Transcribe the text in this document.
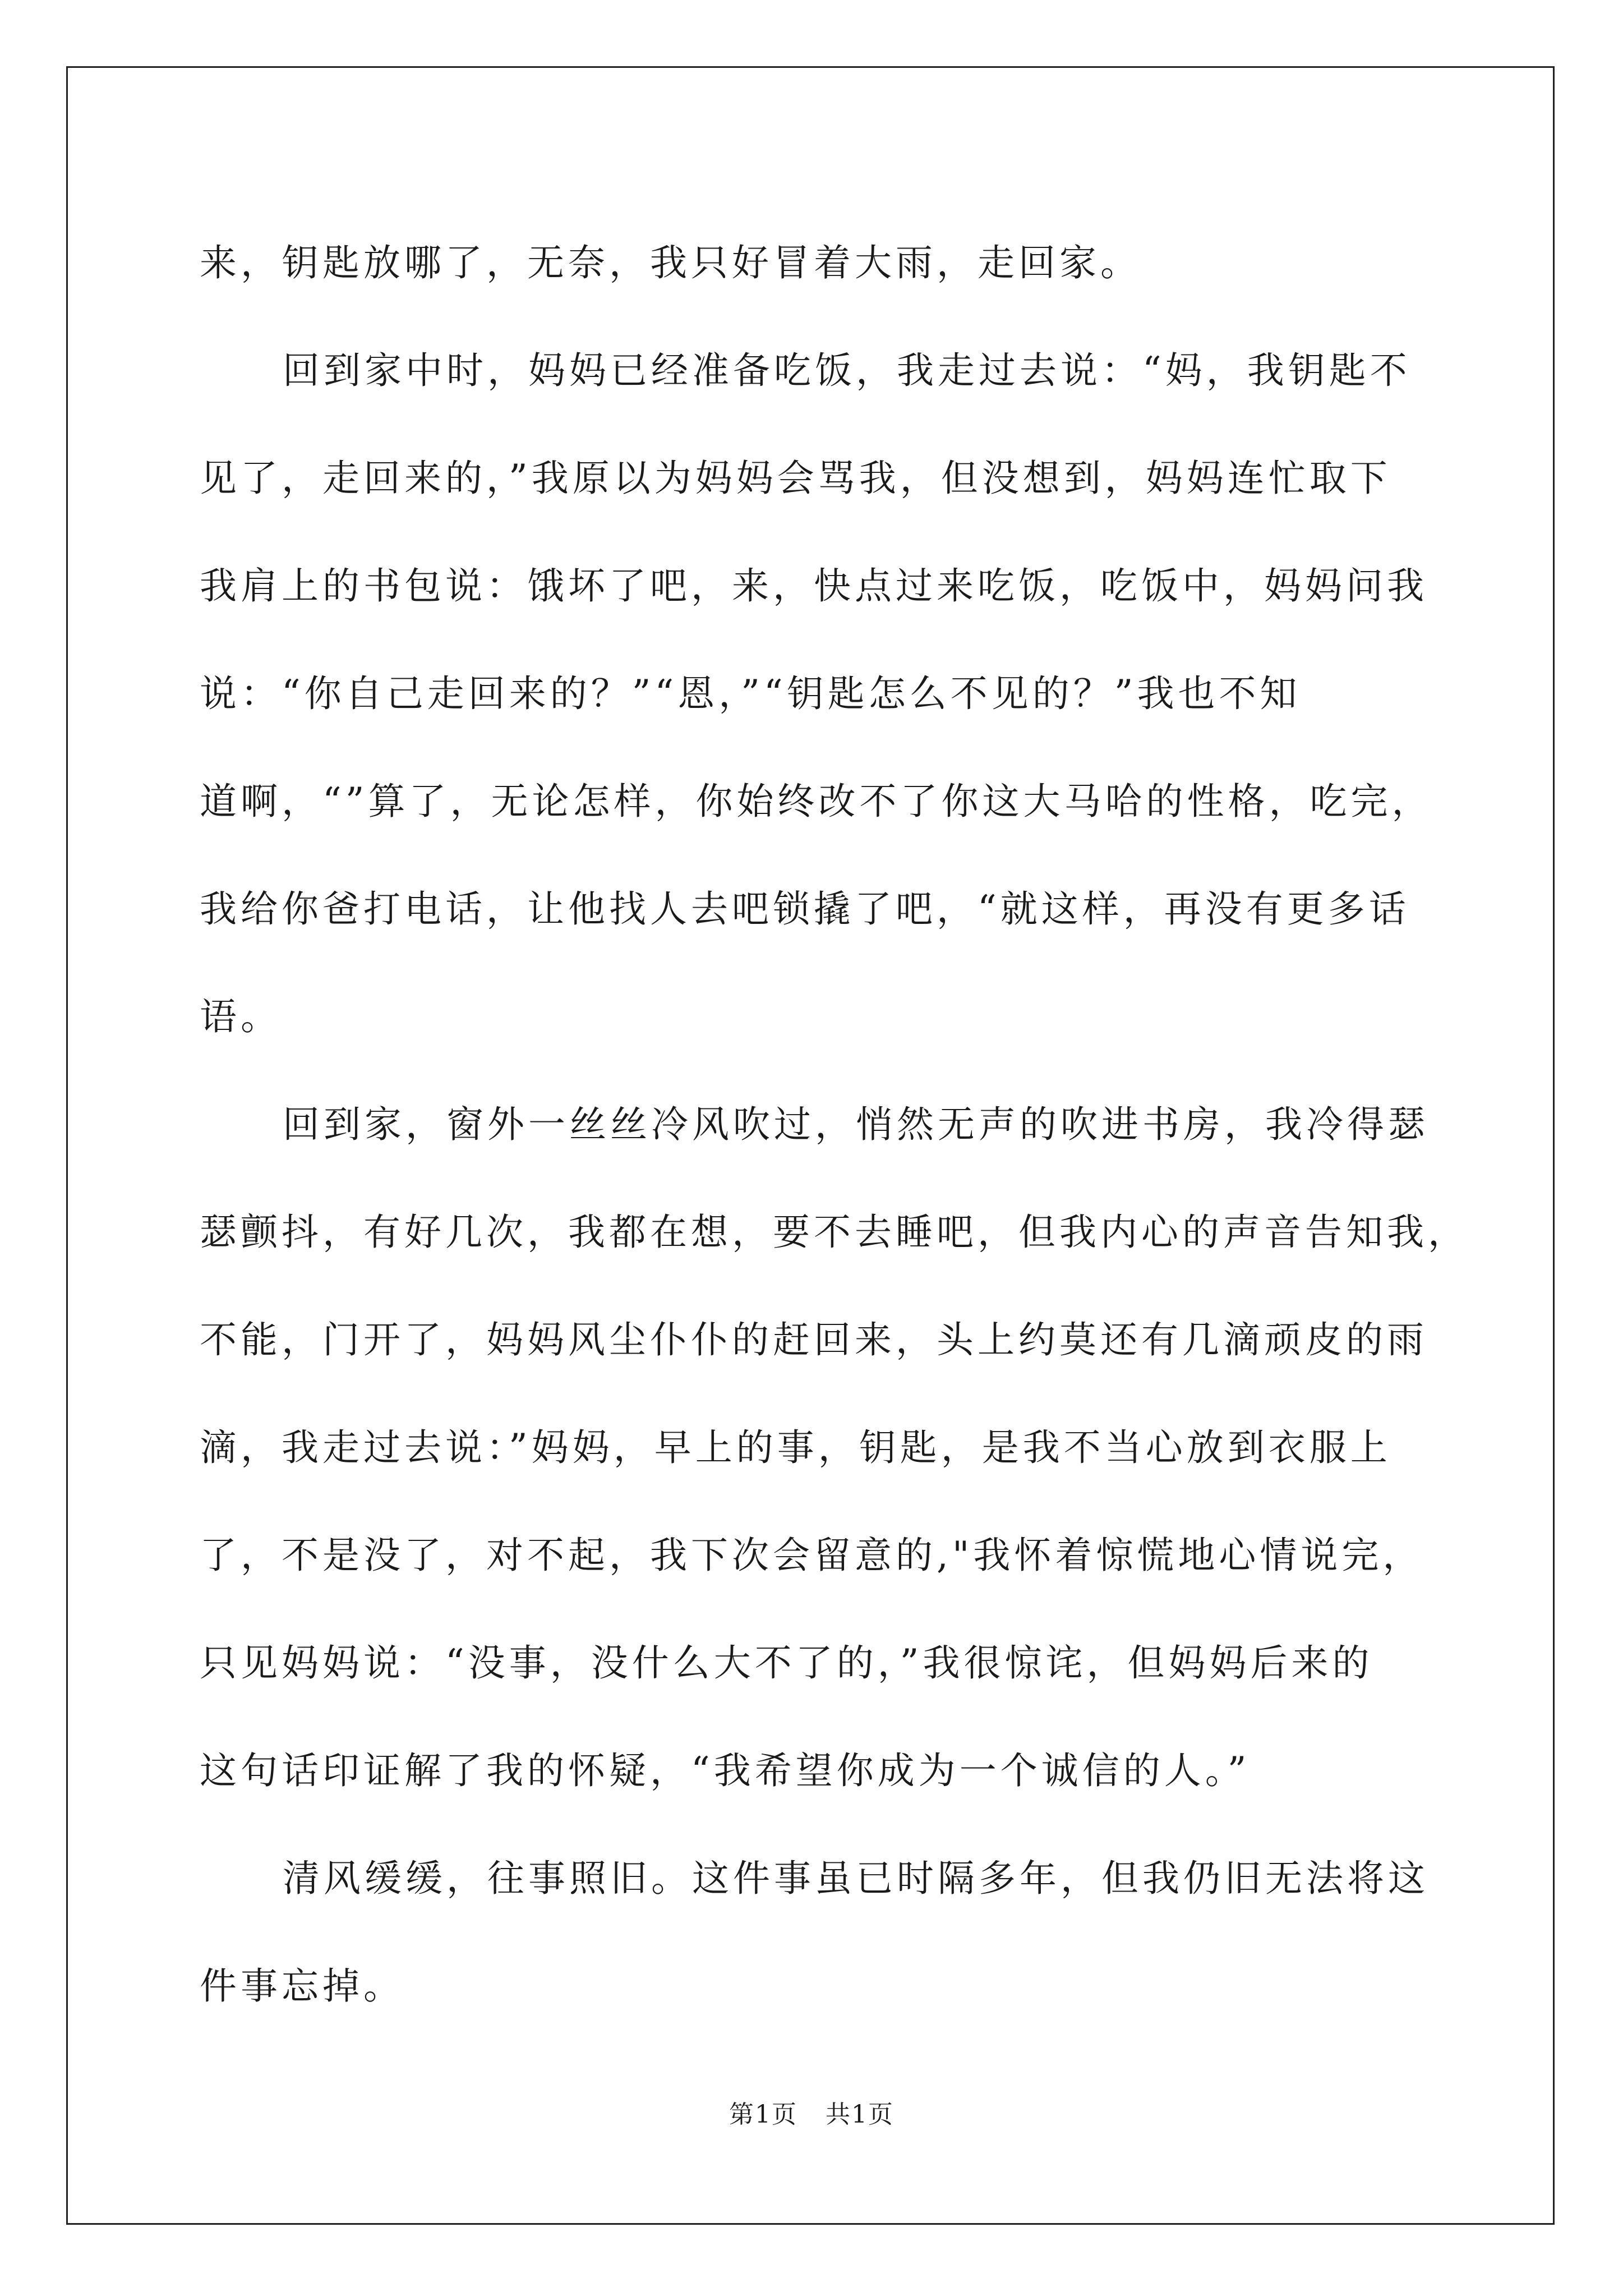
来，钥匙放哪了，无奈，我只好冒着大雨，走回家。
回到家中时，妈妈已经准备吃饭，我走过去说：“妈，我钥匙不
见了，走回来的，”我原以为妈妈会骂我，但没想到，妈妈连忙取下
我肩上的书包说：饿坏了吧，来，快点过来吃饭，吃饭中，妈妈问我
说：“你自己走回来的？”“恩，”“钥匙怎么不见的？”我也不知
道啊，“”算了，无论怎样，你始终改不了你这大马哈的性格，吃完，
我给你爸打电话，让他找人去吧锁撬了吧，“就这样，再没有更多话
语。
回到家，窗外一丝丝冷风吹过，悄然无声的吹进书房，我冷得瑟
瑟颤抖，有好几次，我都在想，要不去睡吧，但我内心的声音告知我，
不能，门开了，妈妈风尘仆仆的赶回来，头上约莫还有几滴顽皮的雨
滴，我走过去说：”妈妈，早上的事，钥匙，是我不当心放到衣服上
了，不是没了，对不起，我下次会留意的,"我怀着惊慌地心情说完，
只见妈妈说：“没事，没什么大不了的，”我很惊诧，但妈妈后来的
这句话印证解了我的怀疑，“我希望你成为一个诚信的人。”
清风缓缓，往事照旧。这件事虽已时隔多年，但我仍旧无法将这
件事忘掉。
第1页 共1页
